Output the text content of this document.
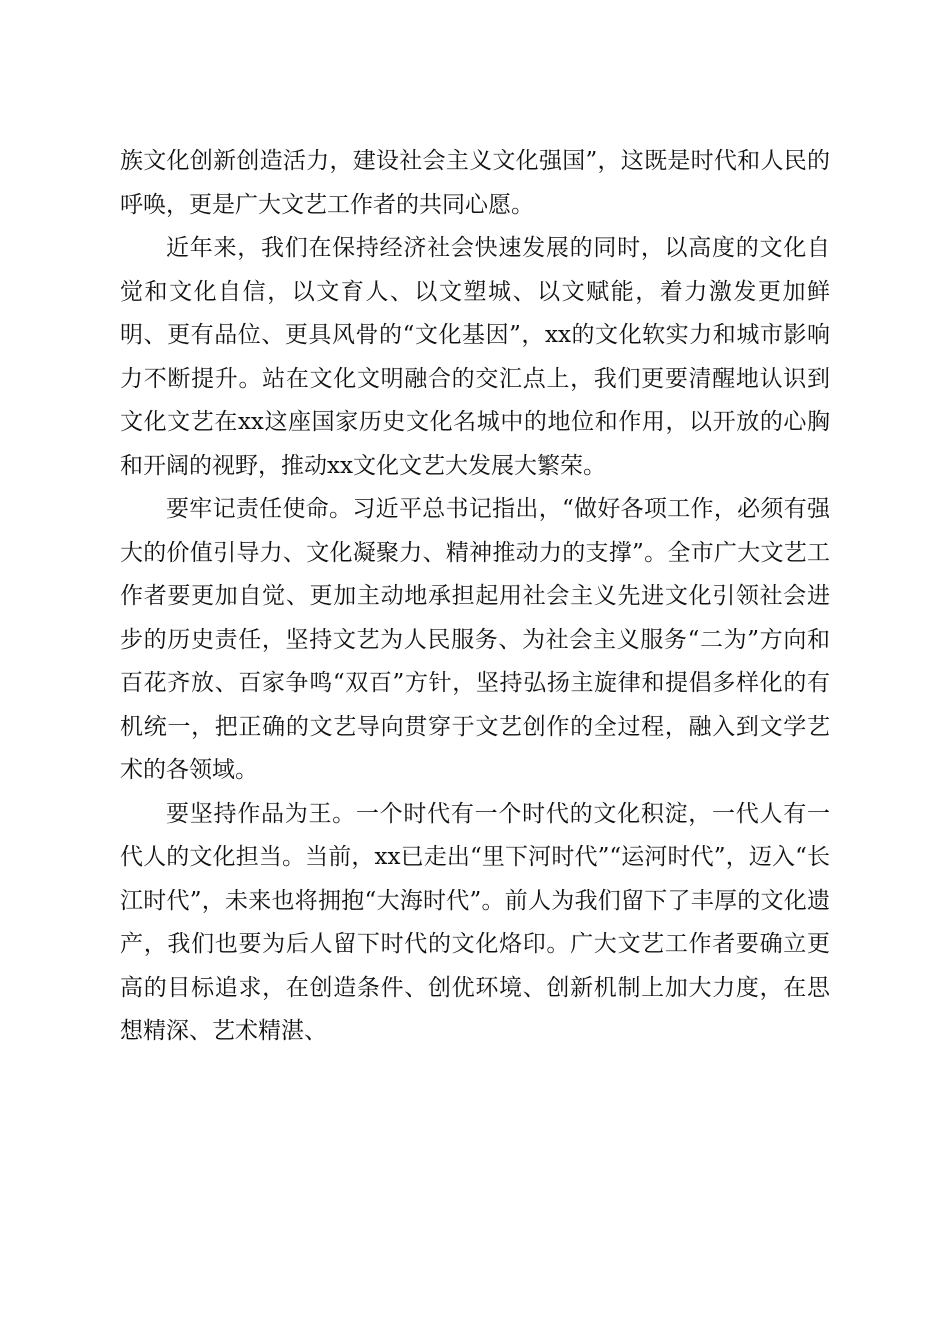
族文化创新创造活力，建设社会主义文化强国”，这既是时代和人民的呼唤，更是广大文艺工作者的共同心愿。

近年来，我们在保持经济社会快速发展的同时，以高度的文化自觉和文化自信，以文育人、以文塑城、以文赋能，着力激发更加鲜明、更有品位、更具风骨的“文化基因”，xx的文化软实力和城市影响力不断提升。站在文化文明融合的交汇点上，我们更要清醒地认识到文化文艺在xx这座国家历史文化名城中的地位和作用，以开放的心胸和开阔的视野，推动xx文化文艺大发展大繁荣。

要牢记责任使命。习近平总书记指出，“做好各项工作，必须有强大的价值引导力、文化凝聚力、精神推动力的支撑”。全市广大文艺工作者要更加自觉、更加主动地承担起用社会主义先进文化引领社会进步的历史责任，坚持文艺为人民服务、为社会主义服务“二为”方向和百花齐放、百家争鸣“双百”方针，坚持弘扬主旋律和提倡多样化的有机统一，把正确的文艺导向贯穿于文艺创作的全过程，融入到文学艺术的各领域。

要坚持作品为王。一个时代有一个时代的文化积淀，一代人有一代人的文化担当。当前，xx已走出“里下河时代”“运河时代”，迈入“长江时代”，未来也将拥抱“大海时代”。前人为我们留下了丰厚的文化遗产，我们也要为后人留下时代的文化烙印。广大文艺工作者要确立更高的目标追求，在创造条件、创优环境、创新机制上加大力度，在思想精深、艺术精湛、
